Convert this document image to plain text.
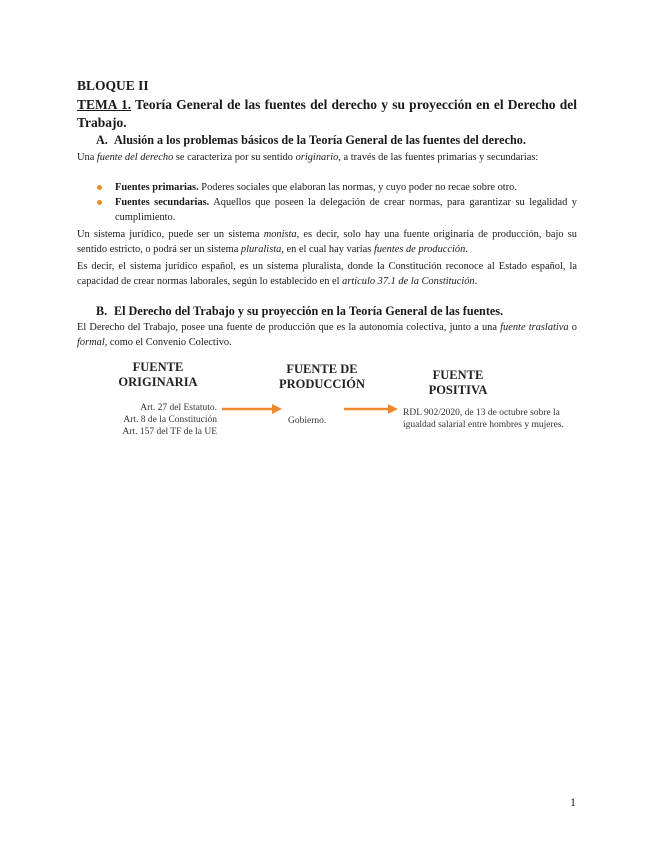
BLOQUE II
TEMA 1. Teoría General de las fuentes del derecho y su proyección en el Derecho del Trabajo.
A. Alusión a los problemas básicos de la Teoría General de las fuentes del derecho.
Una fuente del derecho se caracteriza por su sentido originario, a través de las fuentes primarias y secundarias:
Fuentes primarias. Poderes sociales que elaboran las normas, y cuyo poder no recae sobre otro.
Fuentes secundarias. Aquellos que poseen la delegación de crear normas, para garantizar su legalidad y cumplimiento.
Un sistema jurídico, puede ser un sistema monista, es decir, solo hay una fuente originaria de producción, bajo su sentido estricto, o podrá ser un sistema pluralista, en el cual hay varias fuentes de producción.
Es decir, el sistema jurídico español, es un sistema pluralista, donde la Constitución reconoce al Estado español, la capacidad de crear normas laborales, según lo establecido en el artículo 37.1 de la Constitución.
B. El Derecho del Trabajo y su proyección en la Teoría General de las fuentes.
El Derecho del Trabajo, posee una fuente de producción que es la autonomía colectiva, junto a una fuente traslativa o formal, como el Convenio Colectivo.
FUENTE
ORIGINARIA
Art. 27 del Estatuto.
Art. 8 de la Constitución
Art. 157 del TF de la UE
FUENTE DE
PRODUCCIÓN
Gobierno.
FUENTE
POSITIVA
RDL 902/2020, de 13 de octubre sobre la
igualdad salarial entre hombres y mujeres.
1
